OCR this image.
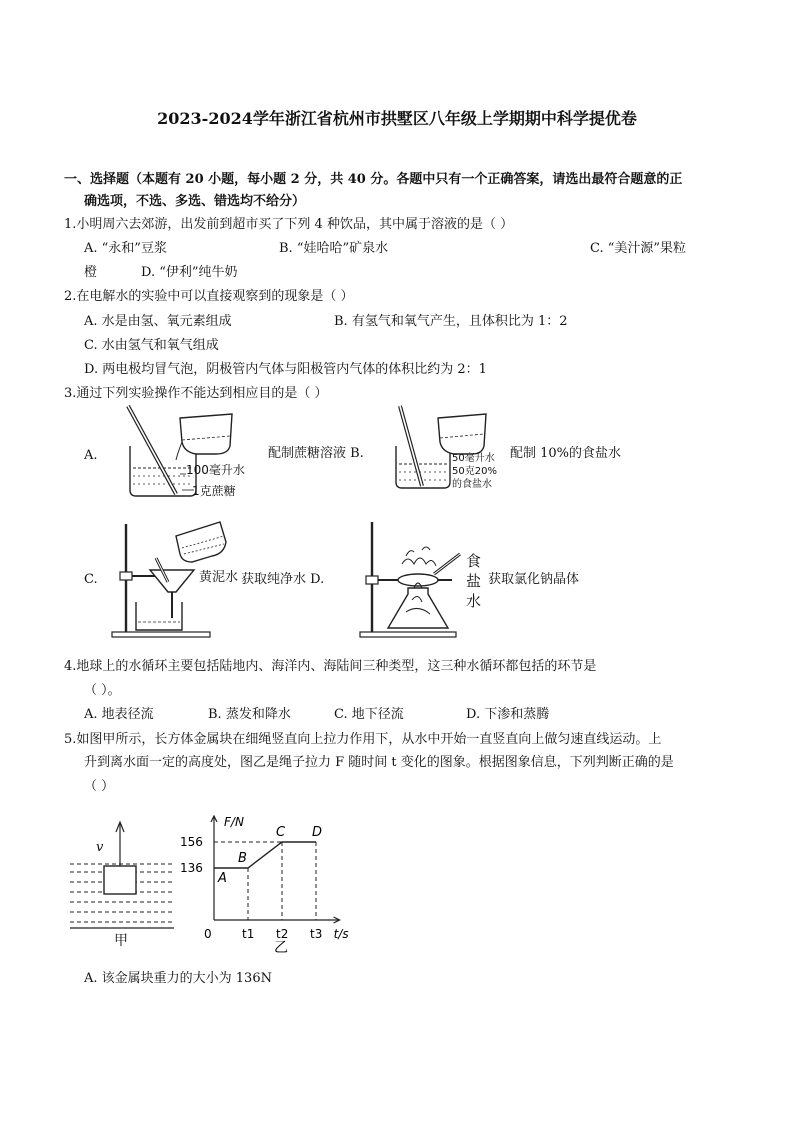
2023-2024学年浙江省杭州市拱墅区八年级上学期期中科学提优卷
一、选择题（本题有 20 小题，每小题 2 分，共 40 分。各题中只有一个正确答案，请选出最符合题意的正
确选项，不选、多选、错选均不给分）
1.小明周六去郊游，出发前到超市买了下列 4 种饮品，其中属于溶液的是（ ）
A. “永和”豆浆	B. “娃哈哈”矿泉水	C. “美汁源”果粒
橙	D. “伊利”纯牛奶
2.在电解水的实验中可以直接观察到的现象是（ ）
A. 水是由氢、氧元素组成	B. 有氢气和氧气产生，且体积比为 1：2
C. 水由氢气和氧气组成
D. 两电极均冒气泡，阴极管内气体与阳极管内气体的体积比约为 2：1
3.通过下列实验操作不能达到相应目的是（ ）
A.
100毫升水
1克蔗糖
配制蔗糖溶液 B.	50毫升水
50克20%
的食盐水
配制 10%的食盐水
C.	黄泥水 获取纯净水 D.
食
盐
水
获取氯化钠晶体
4.地球上的水循环主要包括陆地内、海洋内、海陆间三种类型，这三种水循环都包括的环节是
（ ）。
A. 地表径流	B. 蒸发和降水	C. 地下径流	D. 下渗和蒸腾
5.如图甲所示，长方体金属块在细绳竖直向上拉力作用下，从水中开始一直竖直向上做匀速直线运动。上
升到离水面一定的高度处，图乙是绳子拉力 F 随时间 t 变化的图象。根据图象信息，下列判断正确的是
（ ）
v
甲
F/N
t/s
0
136
156
t1 t2 t3
A
B
C D
乙
A. 该金属块重力的大小为 136N
